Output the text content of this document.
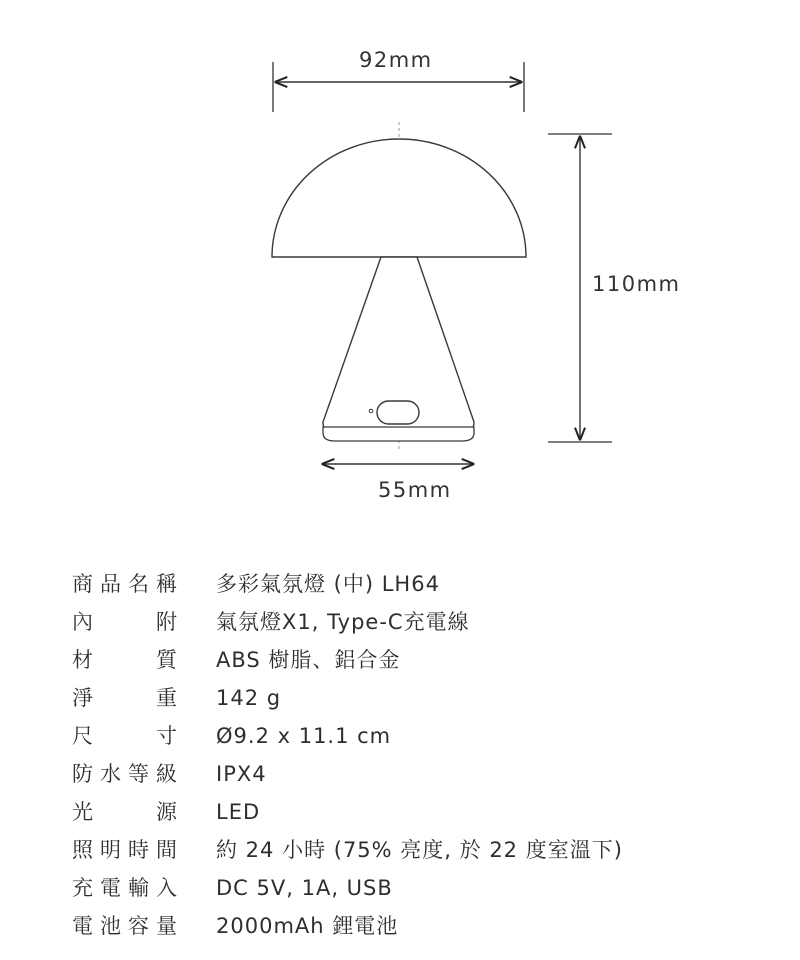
92mm
110mm
55mm
商 品 名 稱 多彩氣氛燈 (中) LH64
內	附 氣氛燈X1, Type-C充電線
材	質 ABS 樹脂、鋁合金
淨	重 142 g
尺	寸 Ø9.2 x 11.1 cm
防 水 等 級 IPX4
光	源 LED
照 明 時 間 約 24 小時 (75% 亮度, 於 22 度室溫下)
充 電 輸 入 DC 5V, 1A, USB
電 池 容 量 2000mAh 鋰電池
